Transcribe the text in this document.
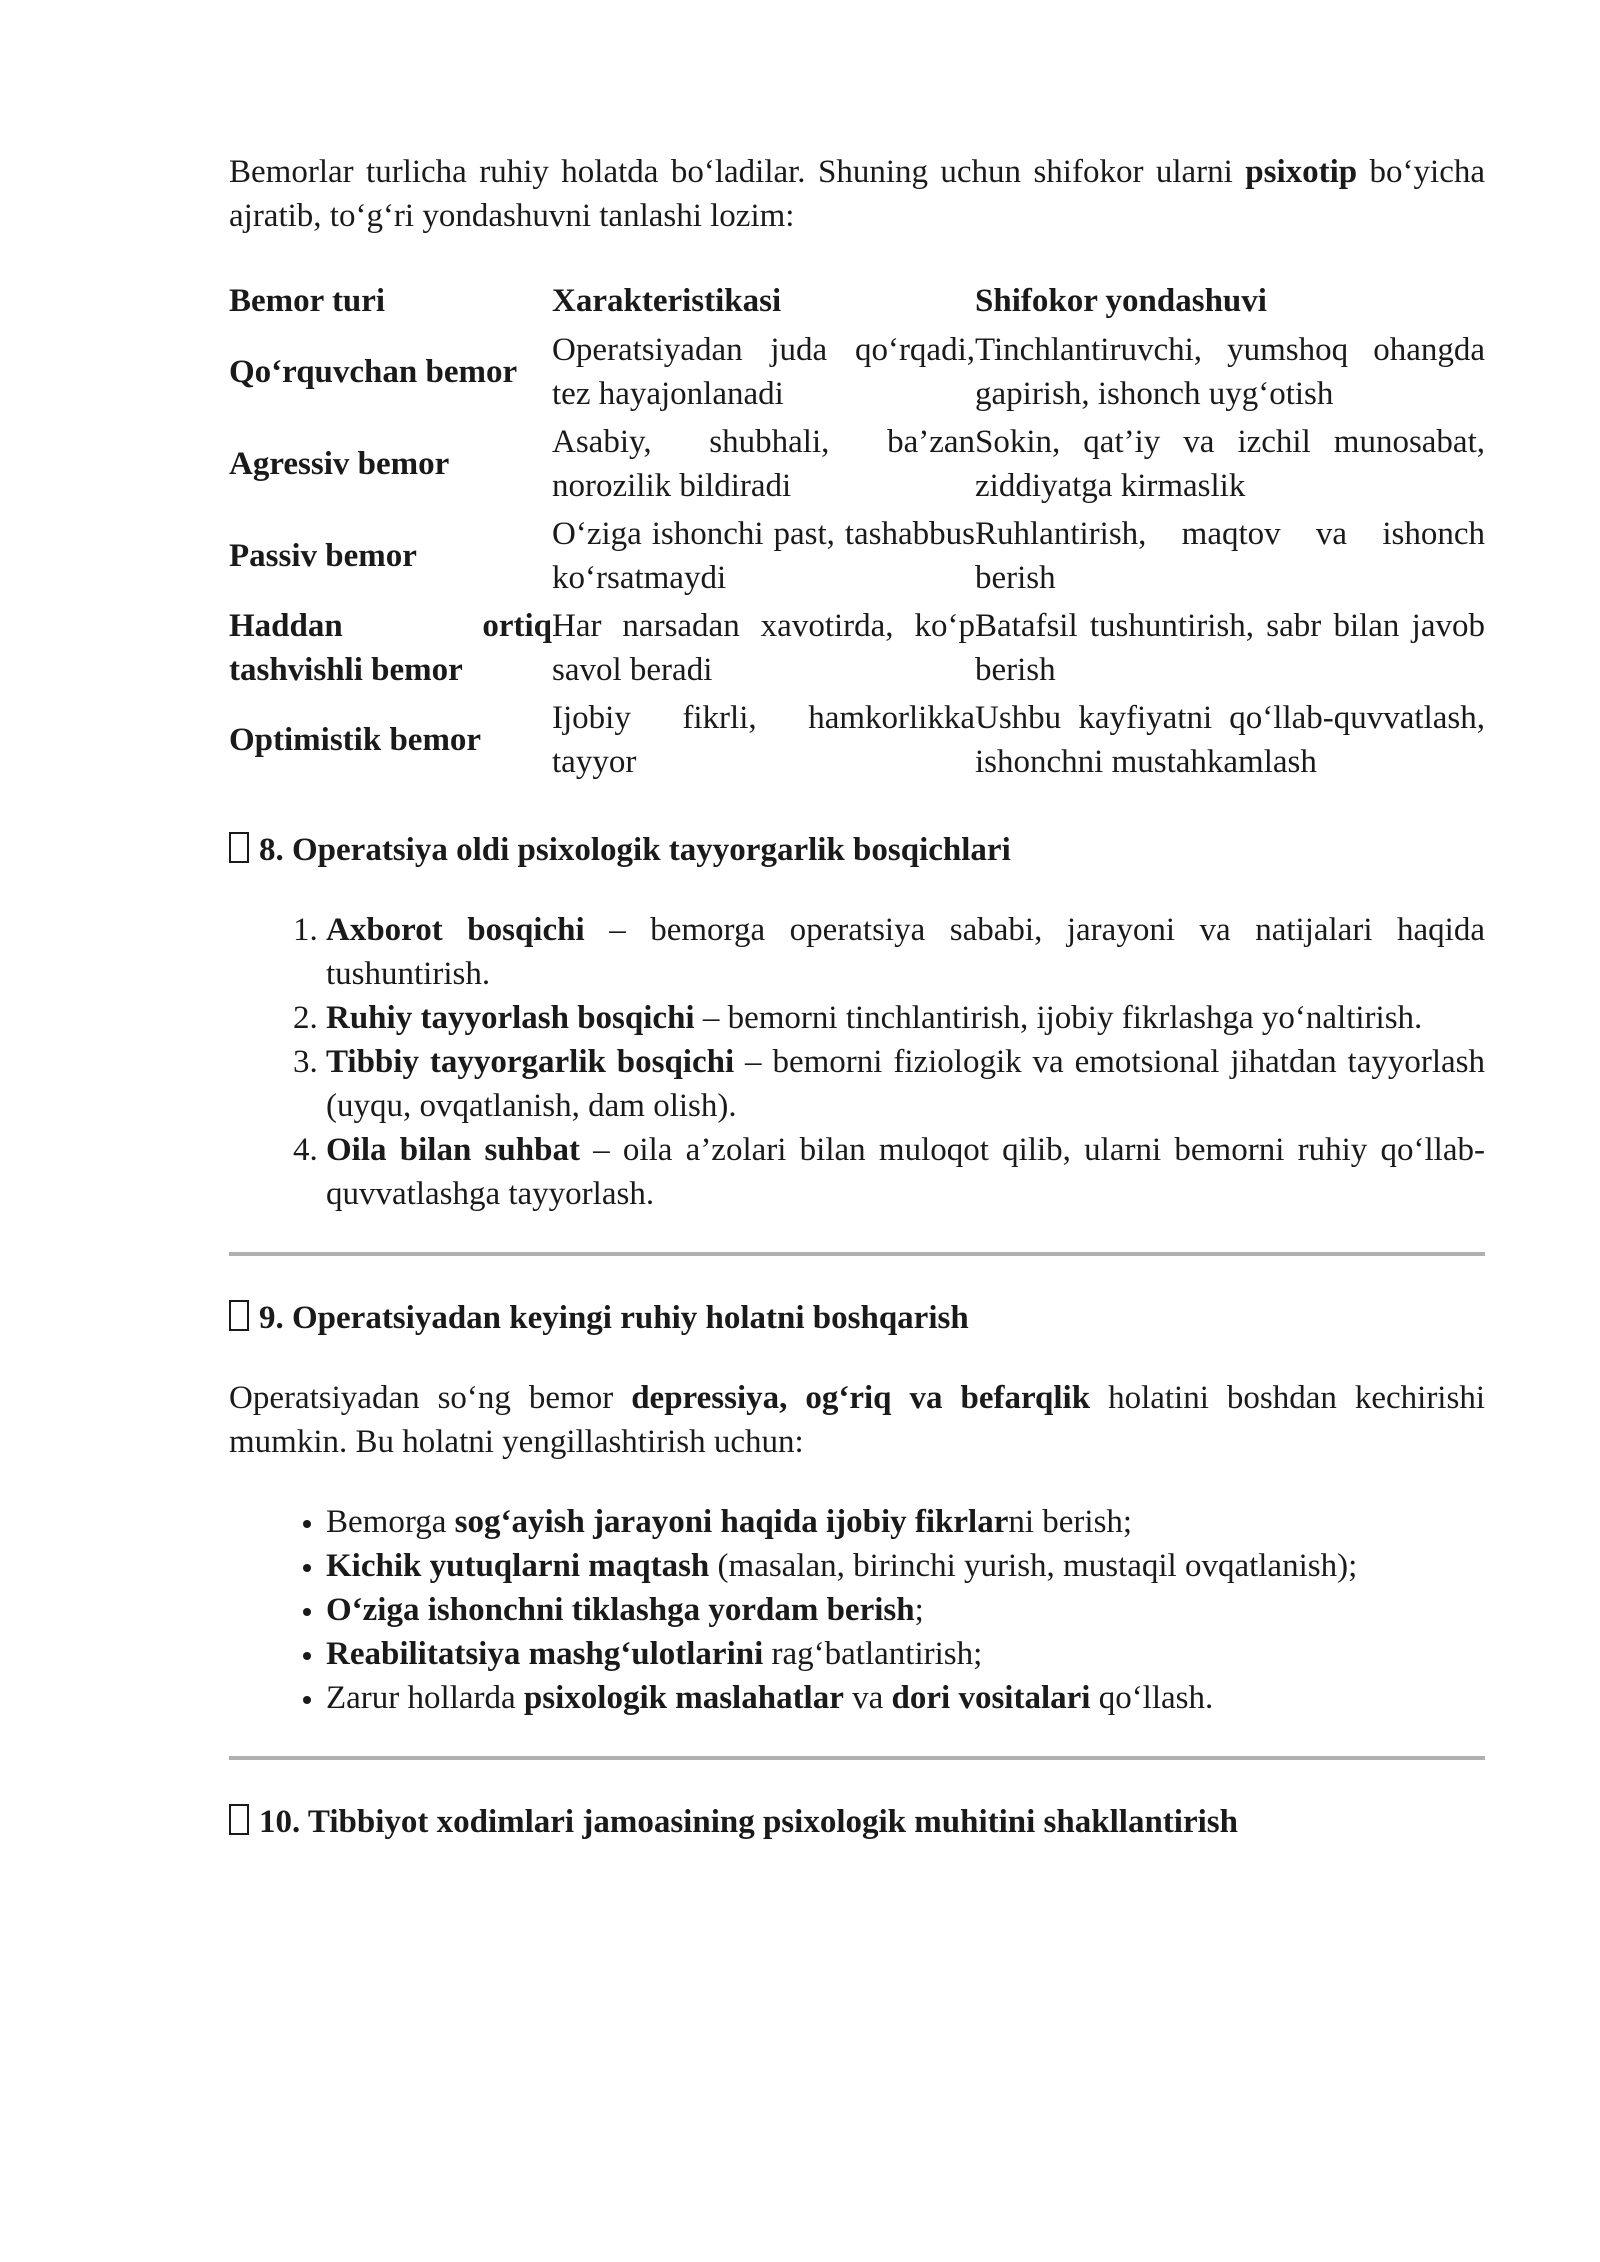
Bemorlar turlicha ruhiy holatda bo‘ladilar. Shuning uchun shifokor ularni psixotip bo‘yicha ajratib, to‘g‘ri yondashuvni tanlashi lozim:

Bemor turi	Xarakteristikasi	Shifokor yondashuvi
Qo‘rquvchan bemor	Operatsiyadan juda qo‘rqadi, tez hayajonlanadi	Tinchlantiruvchi, yumshoq ohangda gapirish, ishonch uyg‘otish
Agressiv bemor	Asabiy, shubhali, ba’zan norozilik bildiradi	Sokin, qat’iy va izchil munosabat, ziddiyatga kirmaslik
Passiv bemor	O‘ziga ishonchi past, tashabbus ko‘rsatmaydi	Ruhlantirish, maqtov va ishonch berish
Haddan ortiq tashvishli bemor	Har narsadan xavotirda, ko‘p savol beradi	Batafsil tushuntirish, sabr bilan javob berish
Optimistik bemor	Ijobiy fikrli, hamkorlikka tayyor	Ushbu kayfiyatni qo‘llab-quvvatlash, ishonchni mustahkamlash
8. Operatsiya oldi psixologik tayyorgarlik bosqichlari
1. Axborot bosqichi – bemorga operatsiya sababi, jarayoni va natijalari haqida tushuntirish.
2. Ruhiy tayyorlash bosqichi – bemorni tinchlantirish, ijobiy fikrlashga yo‘naltirish.
3. Tibbiy tayyorgarlik bosqichi – bemorni fiziologik va emotsional jihatdan tayyorlash (uyqu, ovqatlanish, dam olish).
4. Oila bilan suhbat – oila a’zolari bilan muloqot qilib, ularni bemorni ruhiy qo‘llab-quvvatlashga tayyorlash.
9. Operatsiyadan keyingi ruhiy holatni boshqarish

Operatsiyadan so‘ng bemor depressiya, og‘riq va befarqlik holatini boshdan kechirishi mumkin. Bu holatni yengillashtirish uchun:

• Bemorga sog‘ayish jarayoni haqida ijobiy fikrlarni berish;
• Kichik yutuqlarni maqtash (masalan, birinchi yurish, mustaqil ovqatlanish);
• O‘ziga ishonchni tiklashga yordam berish;
• Reabilitatsiya mashg‘ulotlarini rag‘batlantirish;
• Zarur hollarda psixologik maslahatlar va dori vositalari qo‘llash.
10. Tibbiyot xodimlari jamoasining psixologik muhitini shakllantirish
